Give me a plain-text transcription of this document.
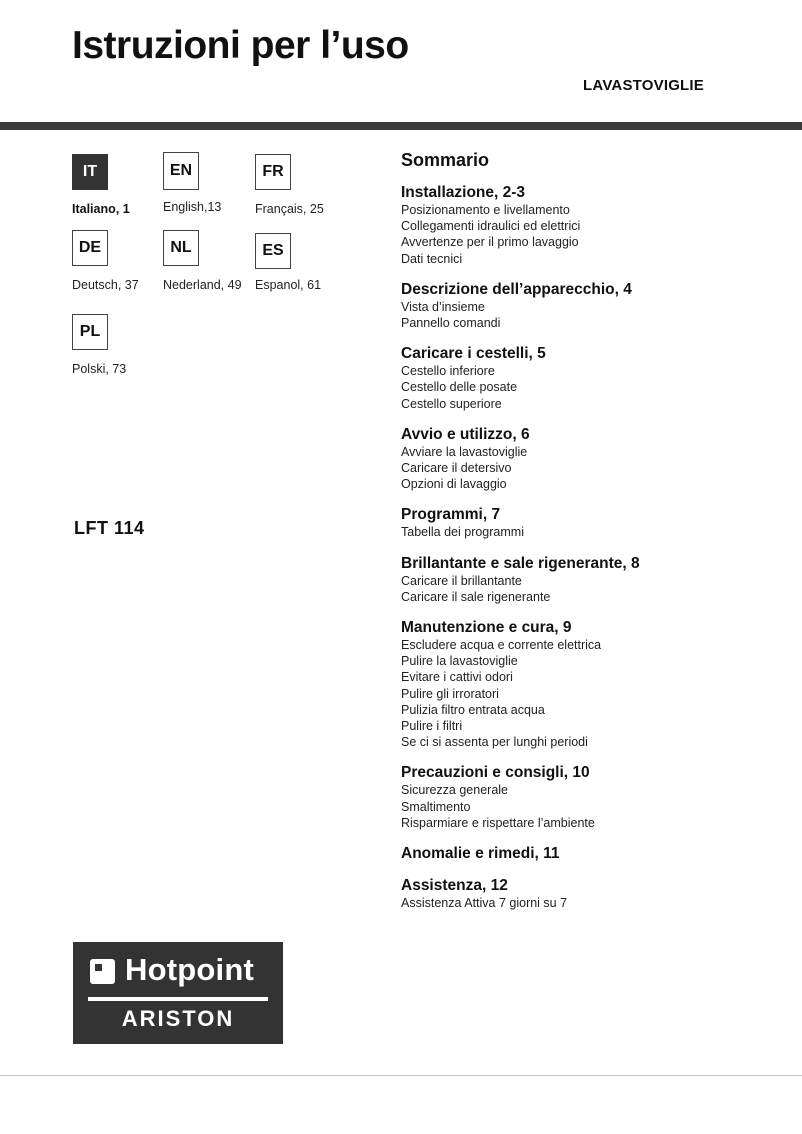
Istruzioni per l’uso
LAVASTOVIGLIE
IT
Italiano, 1
EN
English,13
FR
Français, 25
DE
Deutsch, 37
NL
Nederland, 49
ES
Espanol, 61
PL
Polski, 73
LFT 114
Sommario
Installazione, 2-3
Posizionamento e livellamento
Collegamenti idraulici ed elettrici
Avvertenze per il primo lavaggio
Dati tecnici
Descrizione dell’apparecchio, 4
Vista d’insieme
Pannello comandi
Caricare i cestelli, 5
Cestello inferiore
Cestello delle posate
Cestello superiore
Avvio e utilizzo, 6
Avviare la lavastoviglie
Caricare il detersivo
Opzioni di lavaggio
Programmi, 7
Tabella dei programmi
Brillantante e sale rigenerante, 8
Caricare il brillantante
Caricare il sale rigenerante
Manutenzione e cura, 9
Escludere acqua e corrente elettrica
Pulire la lavastoviglie
Evitare i cattivi odori
Pulire gli irroratori
Pulizia filtro entrata acqua
Pulire i filtri
Se ci si assenta per lunghi periodi
Precauzioni e consigli, 10
Sicurezza generale
Smaltimento
Risparmiare e rispettare l’ambiente
Anomalie e rimedi, 11
Assistenza, 12
Assistenza Attiva 7 giorni su 7
Hotpoint
ARISTON
